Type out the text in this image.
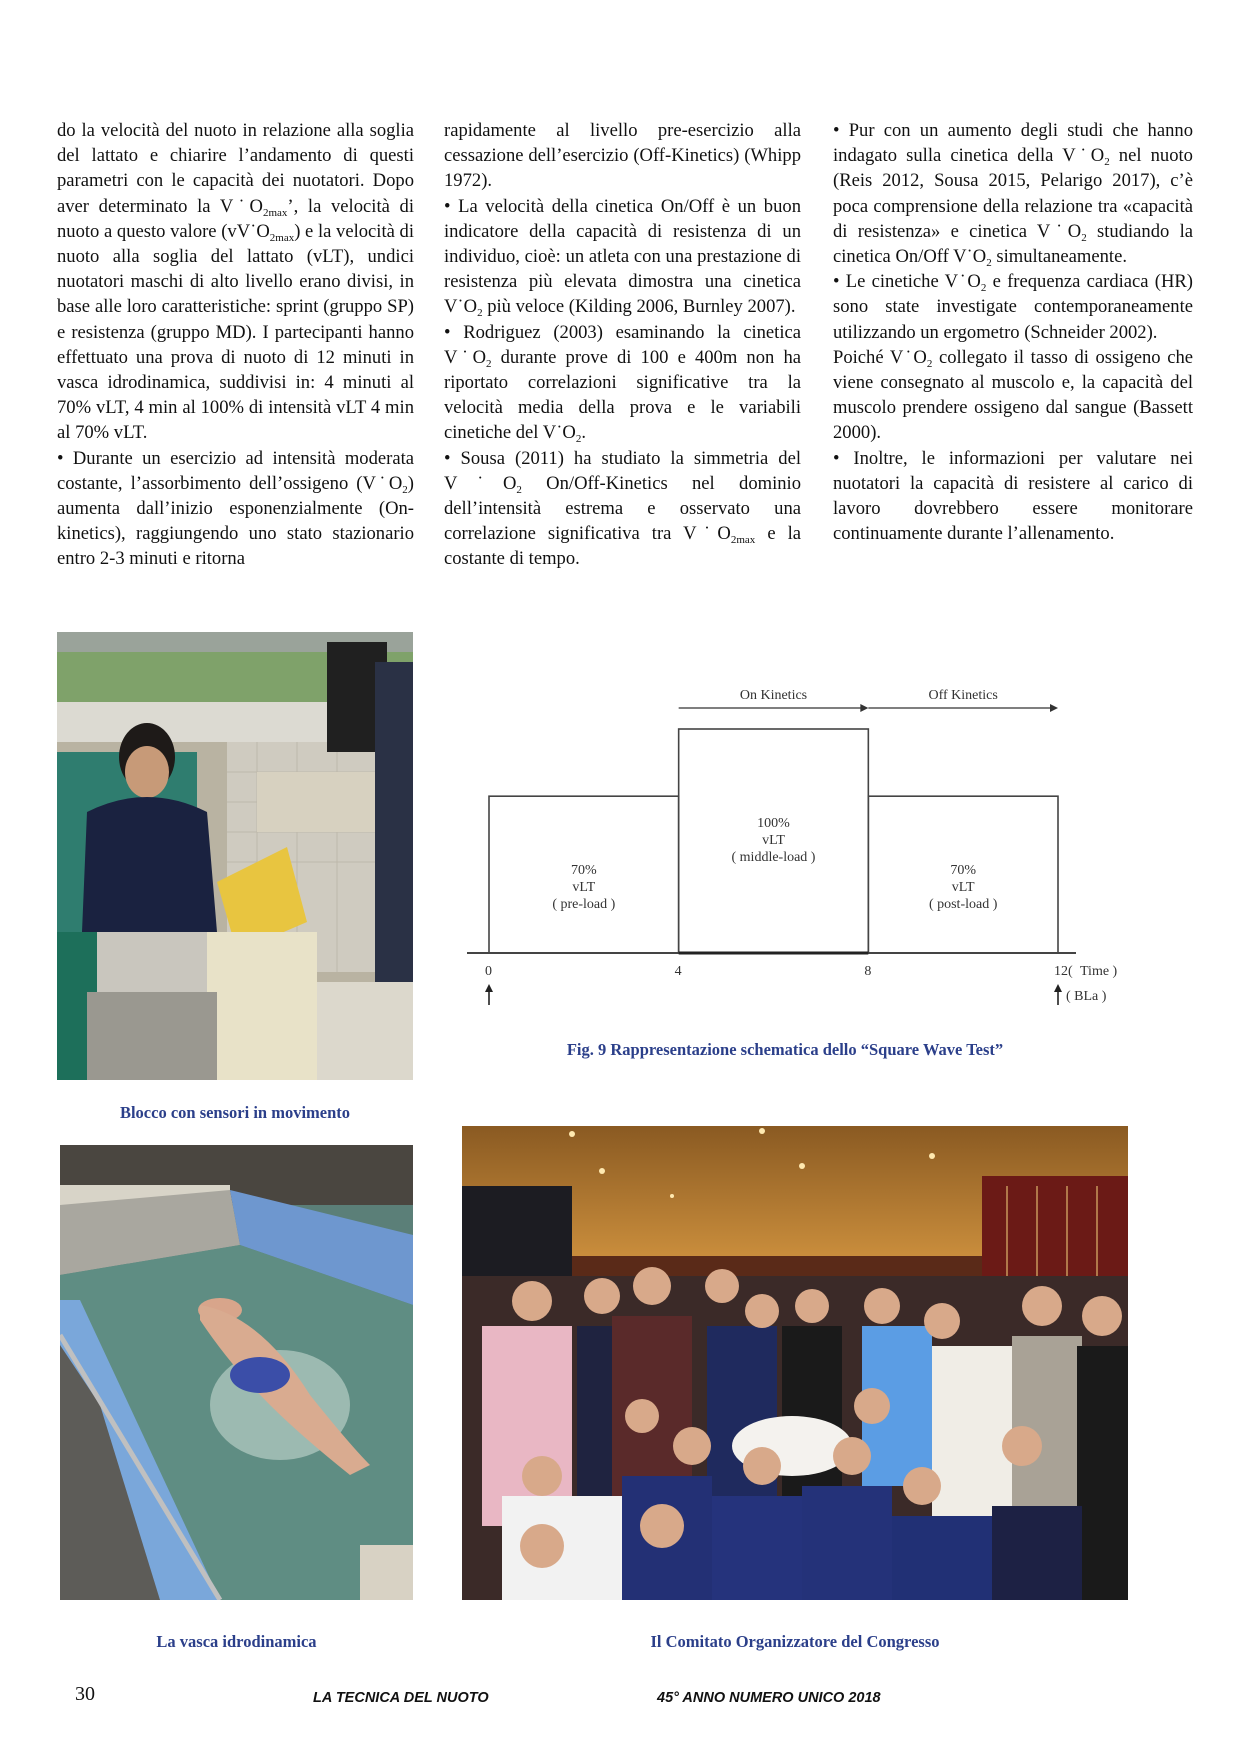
do la velocità del nuoto in relazione alla soglia del lattato e chiarire l’andamento di questi parametri con le capacità dei nuotatori. Dopo aver determinato la $V˙O_{2max}$’, la velocità di nuoto a questo valore $(vV˙O_{2max})$ e la velocità di nuoto alla soglia del lattato (vLT), undici nuotatori maschi di alto livello erano divisi, in base alle loro caratteristiche: sprint (gruppo SP) e resistenza (gruppo MD). I partecipanti hanno effettuato una prova di nuoto di 12 minuti in vasca idrodinamica, suddivisi in: 4 minuti al 70% vLT, 4 min al 100% di intensità vLT 4 min al 70% vLT.

• Durante un esercizio ad intensità moderata costante, l’assorbimento dell’ossigeno $(V˙O_2)$ aumenta dall’inizio esponenzialmente (On-kinetics), raggiungendo uno stato stazionario entro 2-3 minuti e ritorna

rapidamente al livello pre-esercizio alla cessazione dell’esercizio (Off-Kinetics) (Whipp 1972).

• La velocità della cinetica On/Off è un buon indicatore della capacità di resistenza di un individuo, cioè: un atleta con una prestazione di resistenza più elevata dimostra una cinetica $V˙O_2$ più veloce (Kilding 2006, Burnley 2007).

• Rodriguez (2003) esaminando la cinetica $V˙O_2$ durante prove di 100 e 400m non ha riportato correlazioni significative tra la velocità media della prova e le variabili cinetiche del $V˙O_2$.

• Sousa (2011) ha studiato la simmetria del $V˙O_2$ On/Off-Kinetics nel dominio dell’intensità estrema e osservato una correlazione significativa tra $V˙O_{2max}$ e la costante di tempo.

• Pur con un aumento degli studi che hanno indagato sulla cinetica della $V˙O_2$ nel nuoto (Reis 2012, Sousa 2015, Pelarigo 2017), c’è poca comprensione della relazione tra «capacità di resistenza» e cinetica $V˙O_2$ studiando la cinetica On/Off $V˙O_2$ simultaneamente.

• Le cinetiche $V˙O_2$ e frequenza cardiaca (HR) sono state investigate contemporaneamente utilizzando un ergometro (Schneider 2002).

Poiché $V˙O_2$ collegato il tasso di ossigeno che viene consegnato al muscolo e, la capacità del muscolo prendere ossigeno dal sangue (Bassett 2000).

• Inoltre, le informazioni per valutare nei nuotatori la capacità di resistere al carico di lavoro dovrebbero essere monitorare continuamente durante l’allenamento.

Blocco con sensori in movimento
70%
vLT
( pre-load )
100%
vLT
( middle-load )
70%
vLT
( post-load )
On Kinetics	Off Kinetics
0	4	8	12( Time )
( BLa )
Fig. 9 Rappresentazione schematica dello “Square Wave Test”
La vasca idrodinamica	Il Comitato Organizzatore del Congresso
30	LA TECNICA DEL NUOTO	45° ANNO NUMERO UNICO 2018
